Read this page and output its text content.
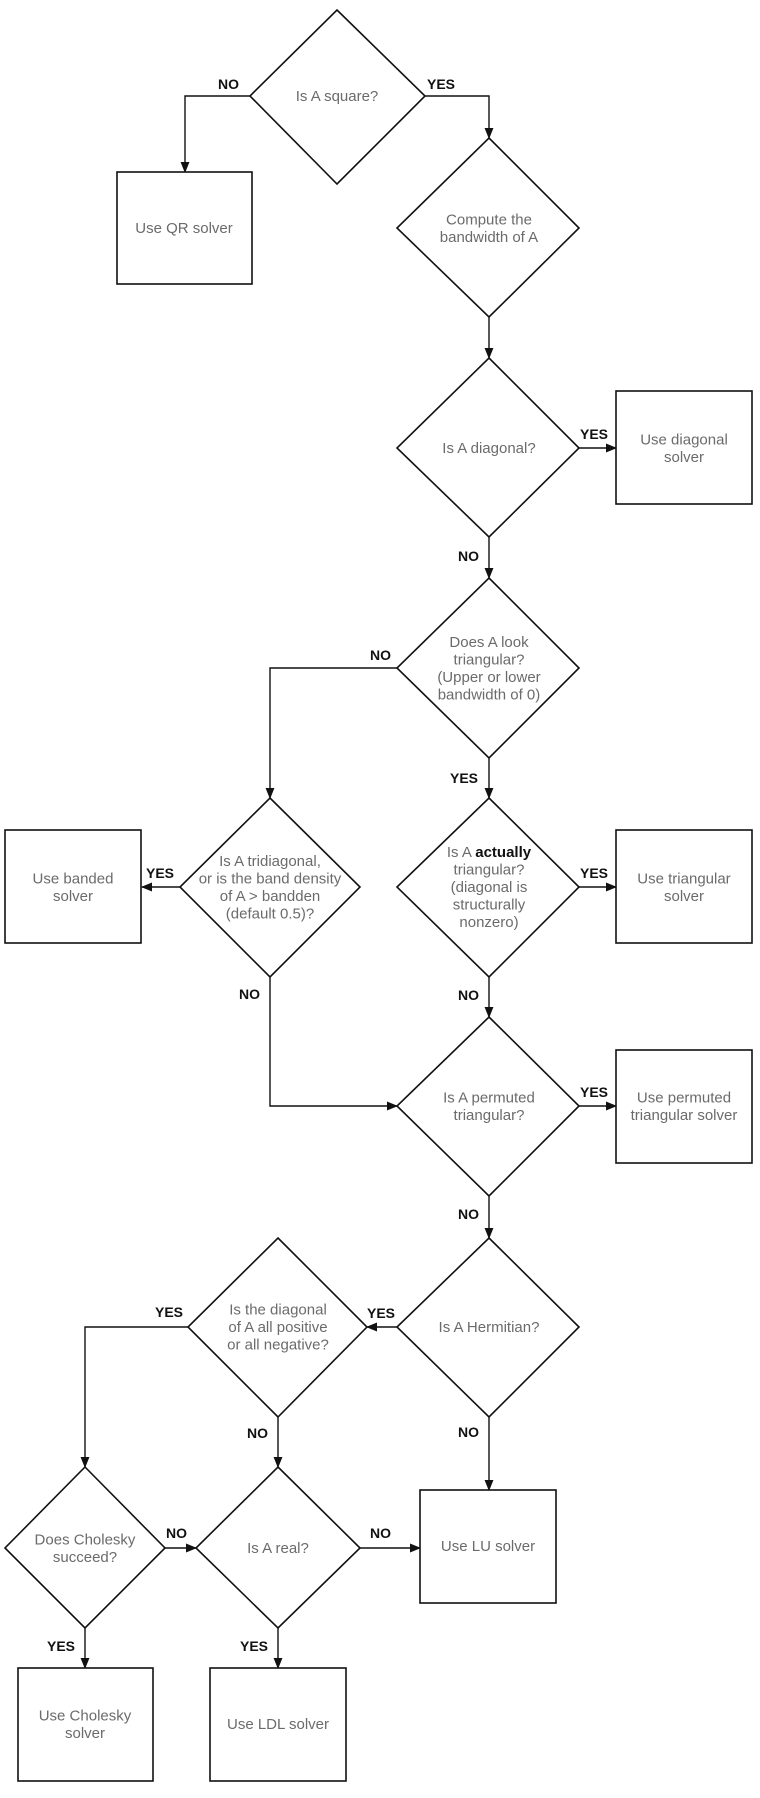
NO	YES
YES
NO
NO
YES
YES
NO
YES
NO
YES
NO
YES
NO
YES
NO
NO	NO
YES	YES
Is A square?
Compute the bandwidth of A
Is A diagonal?
Does A look triangular? (Upper or lower bandwidth of 0)
Is A tridiagonal, or is the band density of A > bandden (default 0.5)?
Is A actually triangular? (diagonal is structurally nonzero)
Is A permuted triangular?
Is A Hermitian?
Is the diagonal of A all positive or all negative?
Does Cholesky succeed?
Is A real?
Use QR solver
Use diagonal solver
Use banded solver
Use triangular solver
Use permuted triangular solver
Use LU solver
Use Cholesky solver
Use LDL solver
